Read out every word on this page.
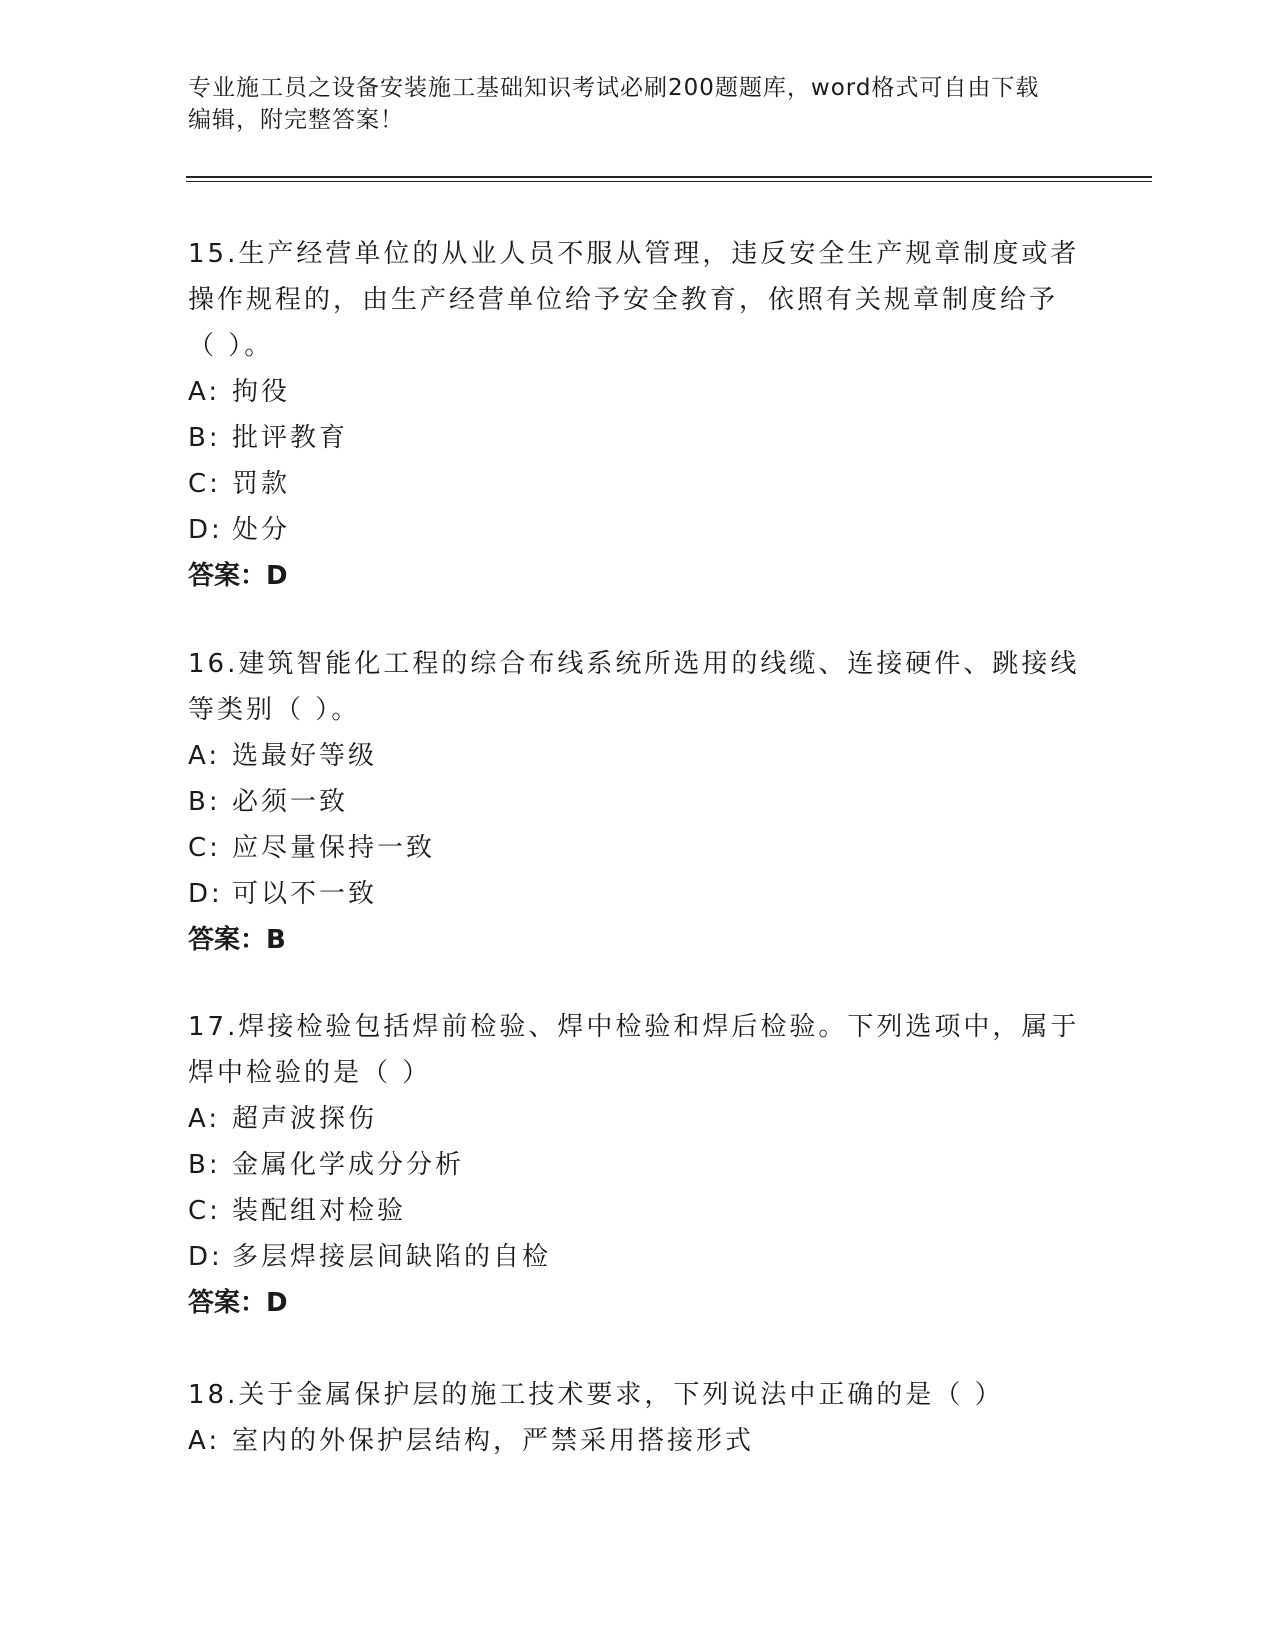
专业施工员之设备安装施工基础知识考试必刷200题题库，word格式可自由下载
编辑，附完整答案！
15.生产经营单位的从业人员不服从管理，违反安全生产规章制度或者
操作规程的，由生产经营单位给予安全教育，依照有关规章制度给予
（ ）。
A: 拘役
B: 批评教育
C: 罚款
D: 处分
答案：D
16.建筑智能化工程的综合布线系统所选用的线缆、连接硬件、跳接线
等类别（ ）。
A: 选最好等级
B: 必须一致
C: 应尽量保持一致
D: 可以不一致
答案：B
17.焊接检验包括焊前检验、焊中检验和焊后检验。下列选项中，属于
焊中检验的是（ ）
A: 超声波探伤
B: 金属化学成分分析
C: 装配组对检验
D: 多层焊接层间缺陷的自检
答案：D
18.关于金属保护层的施工技术要求，下列说法中正确的是（ ）
A: 室内的外保护层结构，严禁采用搭接形式
